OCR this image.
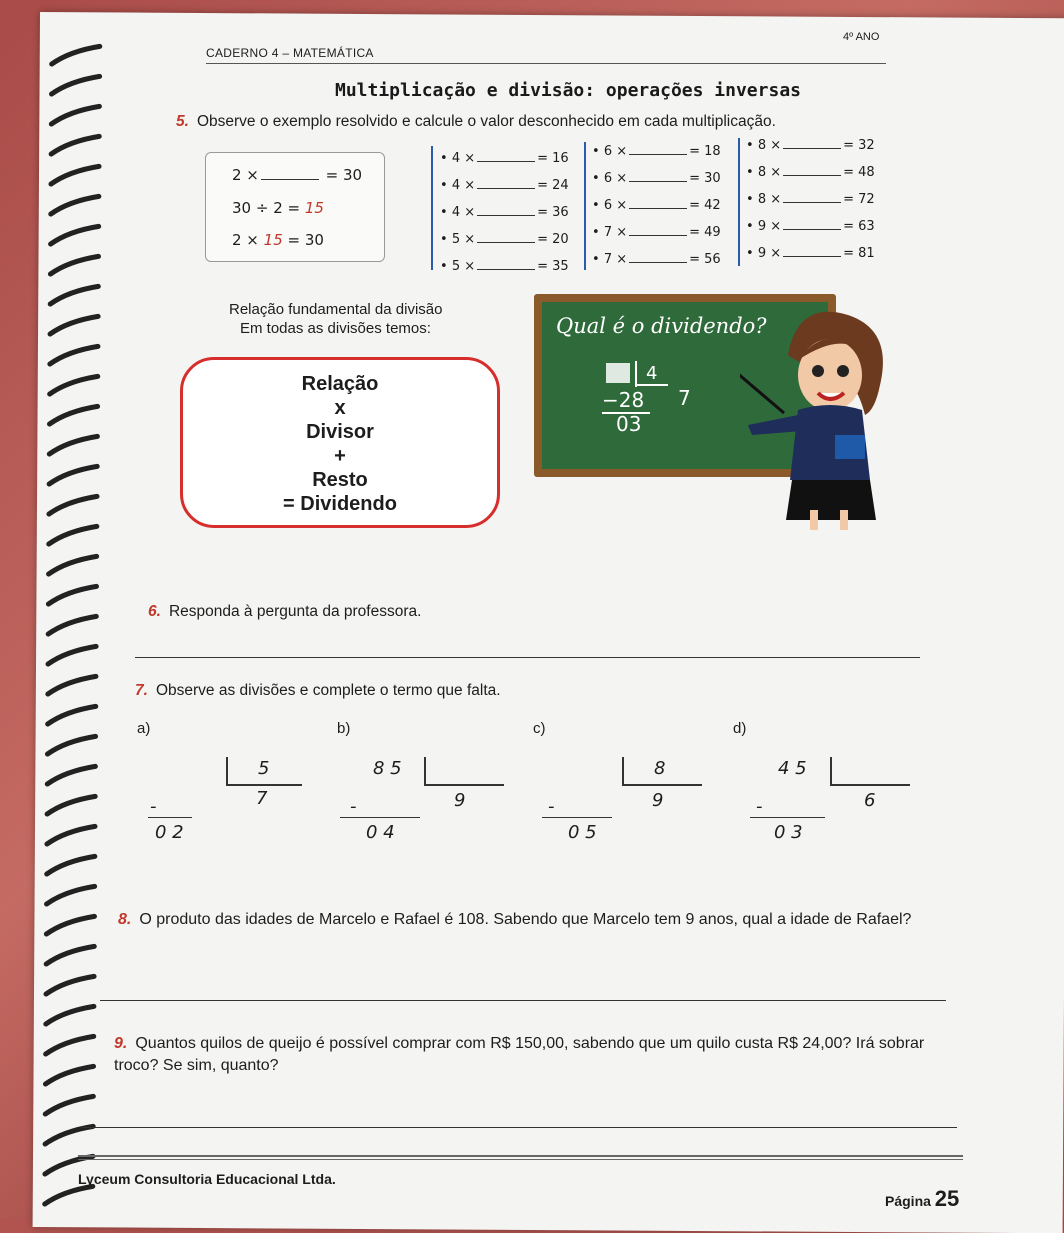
CADERNO 4 – MATEMÁTICA
4º ANO
Multiplicação e divisão: operações inversas
5. Observe o exemplo resolvido e calcule o valor desconhecido em cada multiplicação.
2 ×	= 30
30 ÷ 2 = 15
2 × 15 = 30
• 4 ×	= 16
• 4 ×	= 24
• 4 ×	= 36
• 5 ×	= 20
• 5 ×	= 35
• 6 ×	= 18
• 6 ×	= 30
• 6 ×	= 42
• 7 ×	= 49
• 7 ×	= 56
• 8 ×	= 32
• 8 ×	= 48
• 8 ×	= 72
• 9 ×	= 63
• 9 ×	= 81
Relação fundamental da divisão
Em todas as divisões temos:
Relação
x
Divisor
+
Resto
= Dividendo
Qual é o dividendo?
4
7
−28
03
6. Responda à pergunta da professora.
7. Observe as divisões e complete o termo que falta.
a)	b)	c)	d)
5
7
-
0 2
8 5
9
-
0 4
8
9
-
0 5
4 5
6
-
0 3
8. O produto das idades de Marcelo e Rafael é 108. Sabendo que Marcelo tem 9 anos, qual a idade de Rafael?
9. Quantos quilos de queijo é possível comprar com R$ 150,00, sabendo que um quilo custa R$ 24,00? Irá sobrar troco? Se sim, quanto?
Lyceum Consultoria Educacional Ltda.
Página 25
